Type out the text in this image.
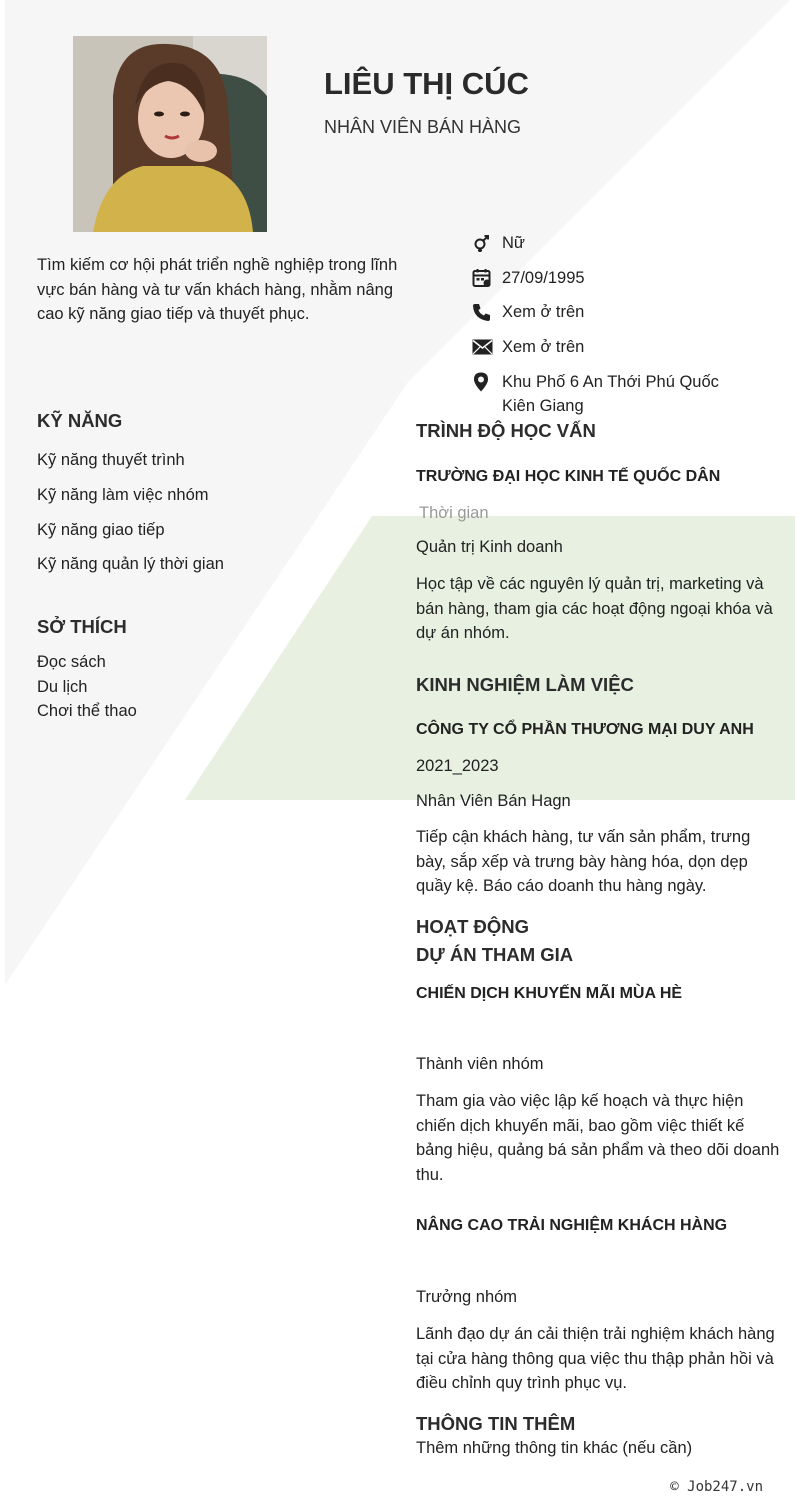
LIÊU THỊ CÚC
NHÂN VIÊN BÁN HÀNG
Tìm kiếm cơ hội phát triển nghề nghiệp trong lĩnh vực bán hàng và tư vấn khách hàng, nhằm nâng cao kỹ năng giao tiếp và thuyết phục.
Nữ
27/09/1995
Xem ở trên
Xem ở trên
Khu Phố 6 An Thới Phú Quốc Kiên Giang
KỸ NĂNG
Kỹ năng thuyết trình
Kỹ năng làm việc nhóm
Kỹ năng giao tiếp
Kỹ năng quản lý thời gian
SỞ THÍCH
Đọc sách
Du lịch
Chơi thể thao
TRÌNH ĐỘ HỌC VẤN
TRƯỜNG ĐẠI HỌC KINH TẾ QUỐC DÂN
Thời gian
Quản trị Kinh doanh
Học tập về các nguyên lý quản trị, marketing và bán hàng, tham gia các hoạt động ngoại khóa và dự án nhóm.
KINH NGHIỆM LÀM VIỆC
CÔNG TY CỔ PHẦN THƯƠNG MẠI DUY ANH
2021_2023
Nhân Viên Bán Hagn
Tiếp cận khách hàng, tư vấn sản phẩm, trưng bày, sắp xếp và trưng bày hàng hóa, dọn dẹp quầy kệ. Báo cáo doanh thu hàng ngày.
HOẠT ĐỘNG
DỰ ÁN THAM GIA
CHIẾN DỊCH KHUYẾN MÃI MÙA HÈ
Thành viên nhóm
Tham gia vào việc lập kế hoạch và thực hiện chiến dịch khuyến mãi, bao gồm việc thiết kế bảng hiệu, quảng bá sản phẩm và theo dõi doanh thu.
NÂNG CAO TRẢI NGHIỆM KHÁCH HÀNG
Trưởng nhóm
Lãnh đạo dự án cải thiện trải nghiệm khách hàng tại cửa hàng thông qua việc thu thập phản hồi và điều chỉnh quy trình phục vụ.
THÔNG TIN THÊM
Thêm những thông tin khác (nếu cần)
© Job247.vn
